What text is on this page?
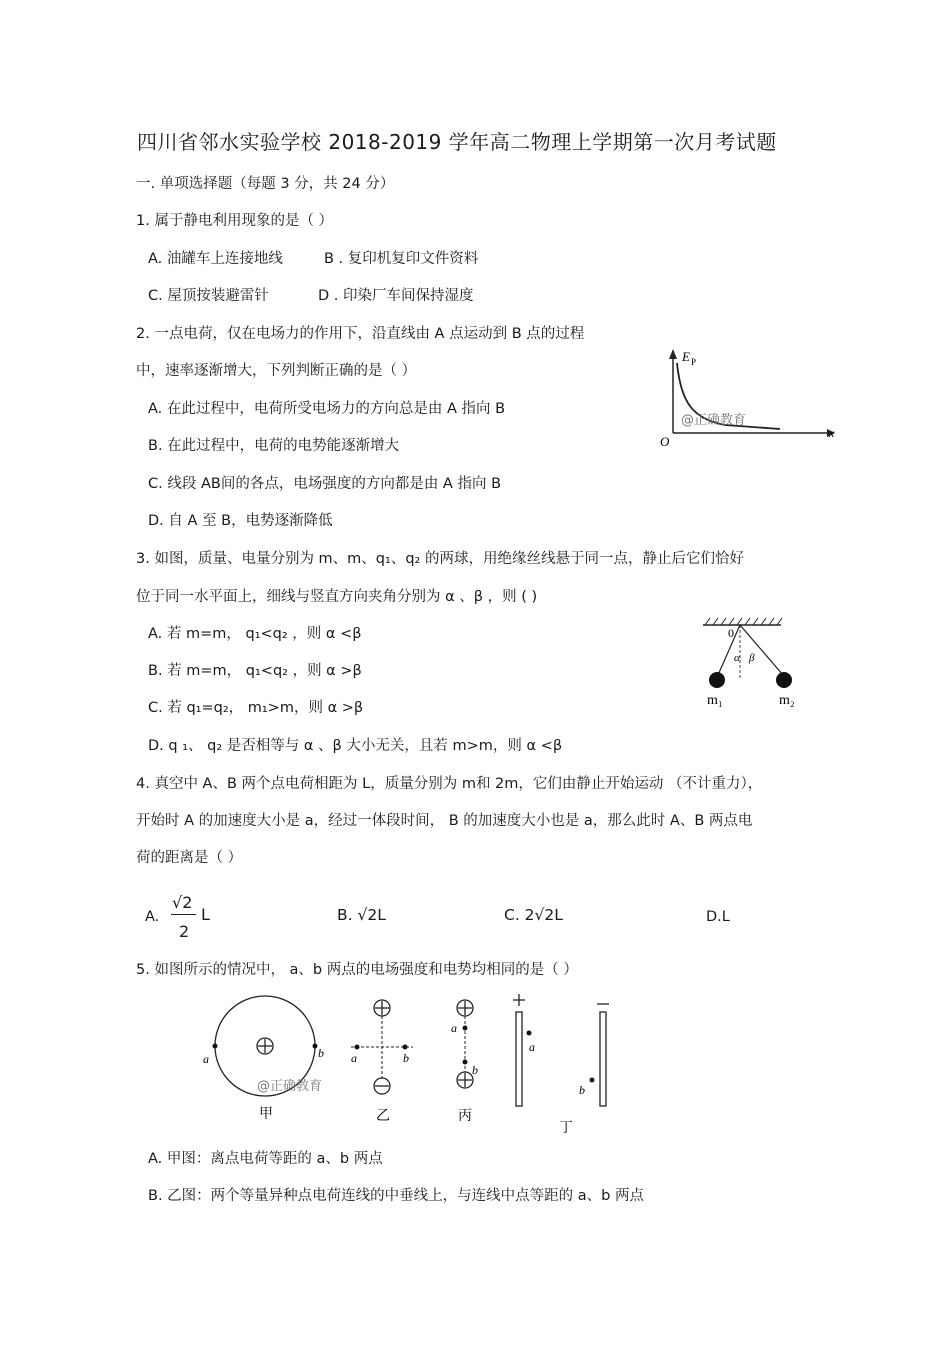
四川省邻水实验学校 2018-2019 学年高二物理上学期第一次月考试题
一. 单项选择题（每题 3 分，共 24 分）
1. 属于静电利用现象的是（ ）
A. 油罐车上连接地线	B . 复印机复印文件资料
C. 屋顶按装避雷针	D . 印染厂车间保持湿度
2. 一点电荷，仅在电场力的作用下，沿直线由 A 点运动到 B 点的过程
中，速率逐渐增大，下列判断正确的是（ ）
A. 在此过程中，电荷所受电场力的方向总是由 A 指向 B
B. 在此过程中，电荷的电势能逐渐增大
C. 线段 AB间的各点，电场强度的方向都是由 A 指向 B
D. 自 A 至 B，电势逐渐降低
E P
x
O
@正确教育
3. 如图，质量、电量分别为 m、m、q₁、q₂ 的两球，用绝缘丝线悬于同一点，静止后它们恰好
位于同一水平面上，细线与竖直方向夹角分别为 α 、β ，则 ( )
A. 若 m=m， q₁<q₂ ，则 α <β
B. 若 m=m， q₁<q₂ ，则 α >β
C. 若 q₁=q₂， m₁>m，则 α >β
D. q ₁、 q₂ 是否相等与 α 、β 大小无关，且若 m>m，则 α <β
0
α β
m₁	m₂
4. 真空中 A、B 两个点电荷相距为 L，质量分别为 m和 2m，它们由静止开始运动 （不计重力），
开始时 A 的加速度大小是 a，经过一体段时间， B 的加速度大小也是 a，那么此时 A、B 两点电
荷的距离是（ ）
A.
√2
2
L	B. √2L	C. 2√2L	D.L
5. 如图所示的情况中， a、b 两点的电场强度和电势均相同的是（ ）
a	b
@正确教育
甲
a	b
乙
a
b
丙
a
b
丁
A. 甲图：离点电荷等距的 a、b 两点
B. 乙图：两个等量异种点电荷连线的中垂线上，与连线中点等距的 a、b 两点
